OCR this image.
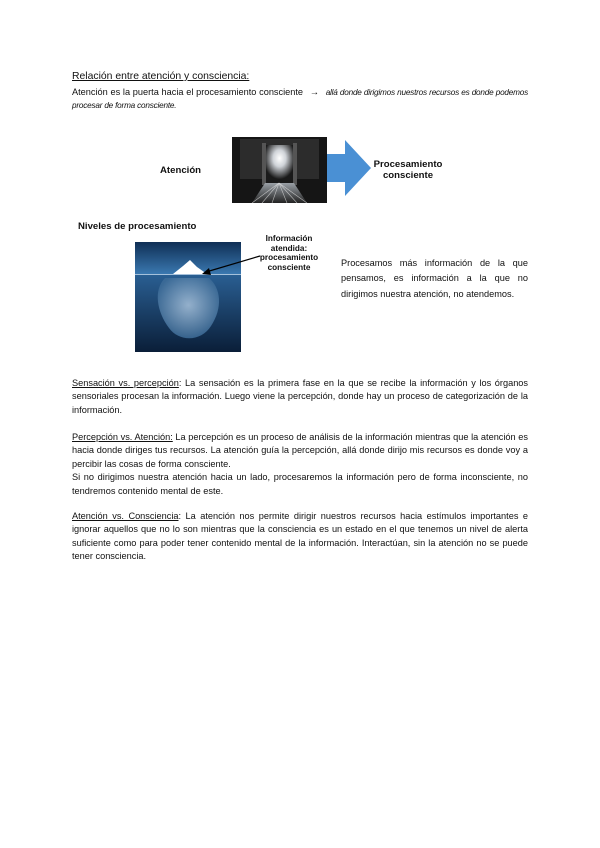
Relación entre atención y consciencia:
Atención es la puerta hacia el procesamiento consciente → allá donde dirigimos nuestros recursos es donde podemos procesar de forma consciente.
Atención
Procesamiento consciente
Niveles de procesamiento
Información atendida: procesamiento consciente	Procesamos más información de la que pensamos, es información a la que no dirigimos nuestra atención, no atendemos.
Sensación vs. percepción: La sensación es la primera fase en la que se recibe la información y los órganos sensoriales procesan la información. Luego viene la percepción, donde hay un proceso de categorización de la información.
Percepción vs. Atención: La percepción es un proceso de análisis de la información mientras que la atención es hacia donde diriges tus recursos. La atención guía la percepción, allá donde dirijo mis recursos es donde voy a percibir las cosas de forma consciente.
Si no dirigimos nuestra atención hacia un lado, procesaremos la información pero de forma inconsciente, no tendremos contenido mental de este.
Atención vs. Consciencia: La atención nos permite dirigir nuestros recursos hacia estímulos importantes e ignorar aquellos que no lo son mientras que la consciencia es un estado en el que tenemos un nivel de alerta suficiente como para poder tener contenido mental de la información. Interactúan, sin la atención no se puede tener consciencia.
